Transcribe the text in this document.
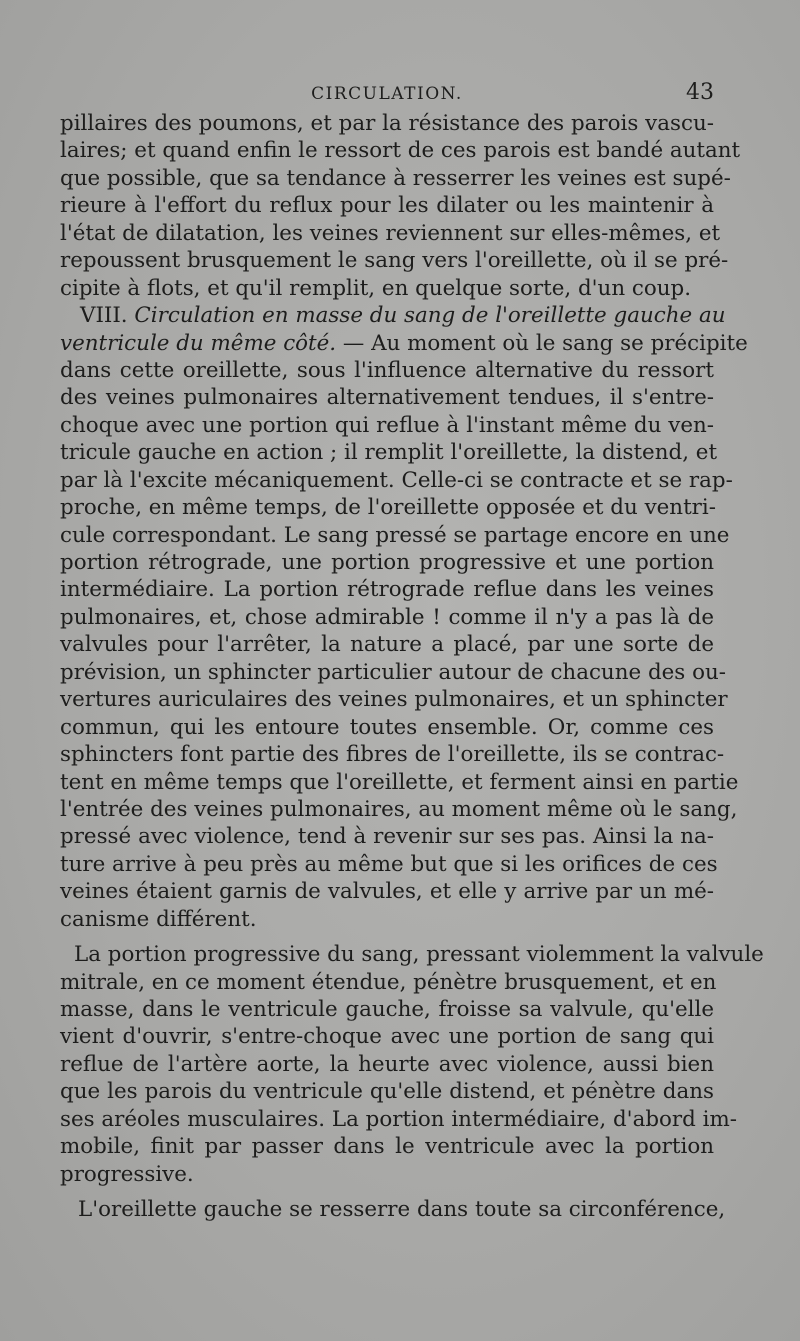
CIRCULATION.	43
pillaires des poumons, et par la résistance des parois vascu-
laires; et quand enfin le ressort de ces parois est bandé autant
que possible, que sa tendance à resserrer les veines est supé-
rieure à l'effort du reflux pour les dilater ou les maintenir à
l'état de dilatation, les veines reviennent sur elles-mêmes, et
repoussent brusquement le sang vers l'oreillette, où il se pré-
cipite à flots, et qu'il remplit, en quelque sorte, d'un coup.
VIII. Circulation en masse du sang de l'oreillette gauche au
ventricule du même côté. — Au moment où le sang se précipite
dans cette oreillette, sous l'influence alternative du ressort
des veines pulmonaires alternativement tendues, il s'entre-
choque avec une portion qui reflue à l'instant même du ven-
tricule gauche en action ; il remplit l'oreillette, la distend, et
par là l'excite mécaniquement. Celle-ci se contracte et se rap-
proche, en même temps, de l'oreillette opposée et du ventri-
cule correspondant. Le sang pressé se partage encore en une
portion rétrograde, une portion progressive et une portion
intermédiaire. La portion rétrograde reflue dans les veines
pulmonaires, et, chose admirable ! comme il n'y a pas là de
valvules pour l'arrêter, la nature a placé, par une sorte de
prévision, un sphincter particulier autour de chacune des ou-
vertures auriculaires des veines pulmonaires, et un sphincter
commun, qui les entoure toutes ensemble. Or, comme ces
sphincters font partie des fibres de l'oreillette, ils se contrac-
tent en même temps que l'oreillette, et ferment ainsi en partie
l'entrée des veines pulmonaires, au moment même où le sang,
pressé avec violence, tend à revenir sur ses pas. Ainsi la na-
ture arrive à peu près au même but que si les orifices de ces
veines étaient garnis de valvules, et elle y arrive par un mé-
canisme différent.
La portion progressive du sang, pressant violemment la valvule
mitrale, en ce moment étendue, pénètre brusquement, et en
masse, dans le ventricule gauche, froisse sa valvule, qu'elle
vient d'ouvrir, s'entre-choque avec une portion de sang qui
reflue de l'artère aorte, la heurte avec violence, aussi bien
que les parois du ventricule qu'elle distend, et pénètre dans
ses aréoles musculaires. La portion intermédiaire, d'abord im-
mobile, finit par passer dans le ventricule avec la portion
progressive.
L'oreillette gauche se resserre dans toute sa circonférence,
